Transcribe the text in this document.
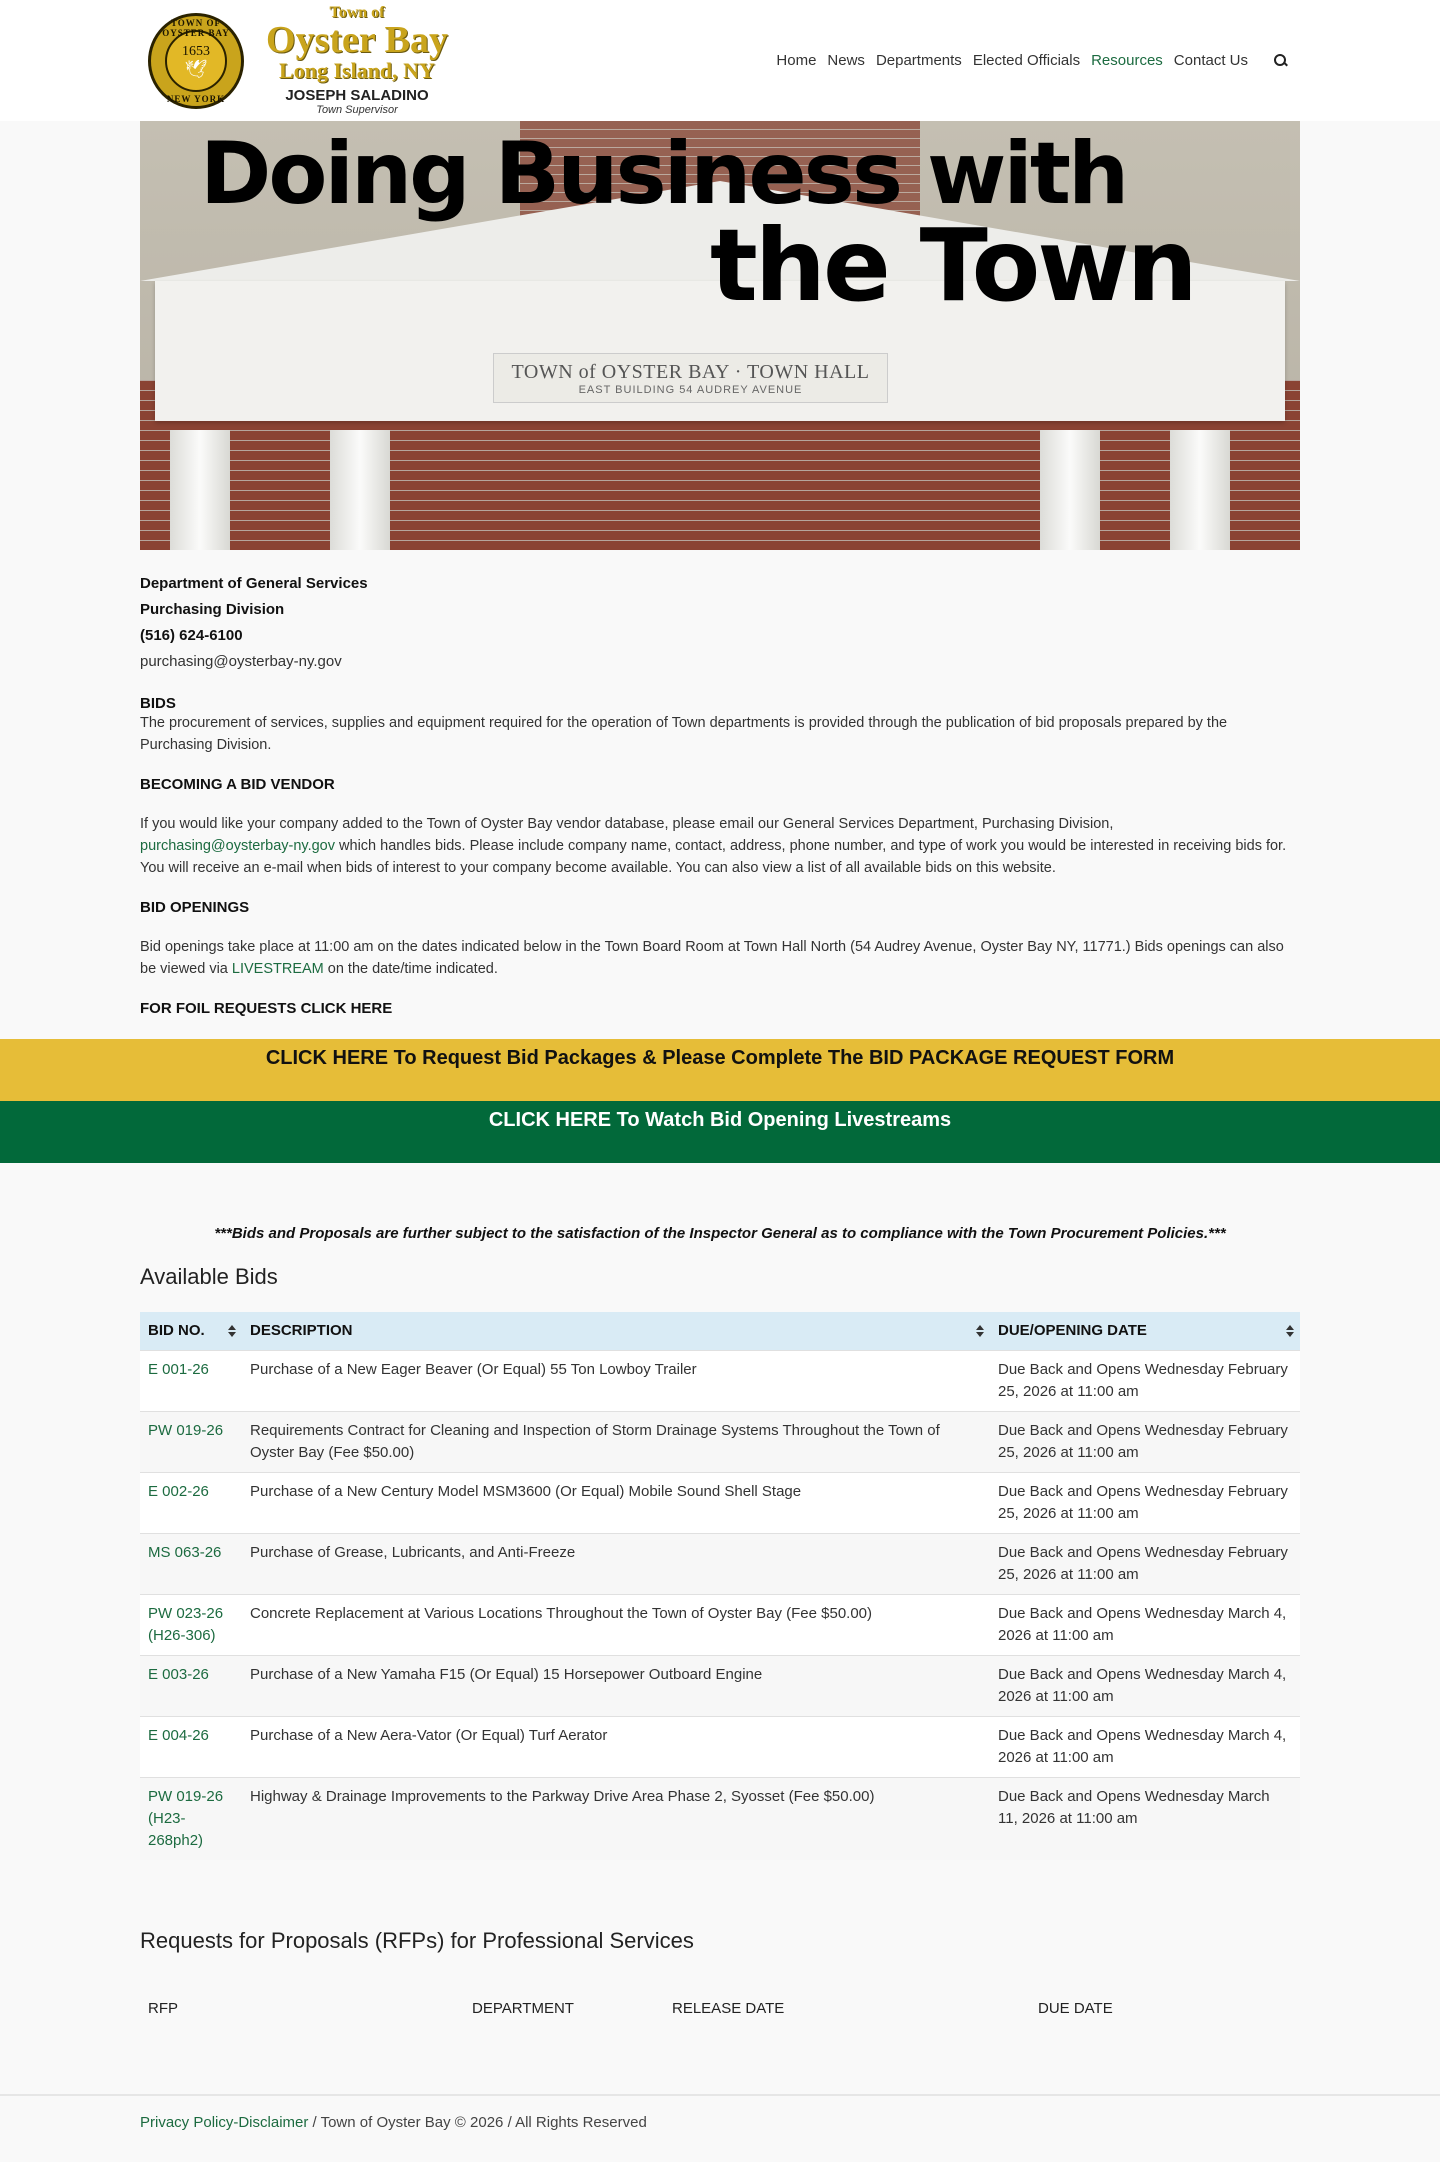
TOWN OF OYSTER BAY
1653
🕊
NEW YORK
Town of
Oyster Bay
Long Island, NY
JOSEPH SALADINO
Town Supervisor
Home News Departments Elected Officials Resources Contact Us
TOWN of OYSTER BAY · TOWN HALL
EAST BUILDING 54 AUDREY AVENUE
Doing Business with
the Town
Department of General Services
Purchasing Division
(516) 624-6100
purchasing@oysterbay-ny.gov
BIDS

The procurement of services, supplies and equipment required for the operation of Town departments is provided through the publication of bid proposals prepared by the Purchasing Division.

BECOMING A BID VENDOR

If you would like your company added to the Town of Oyster Bay vendor database, please email our General Services Department, Purchasing Division,
purchasing@oysterbay-ny.gov which handles bids. Please include company name, contact, address, phone number, and type of work you would be interested in receiving bids for. You will receive an e-mail when bids of interest to your company become available. You can also view a list of all available bids on this website.

BID OPENINGS

Bid openings take place at 11:00 am on the dates indicated below in the Town Board Room at Town Hall North (54 Audrey Avenue, Oyster Bay NY, 11771.) Bids openings can also be viewed via LIVESTREAM on the date/time indicated.

FOR FOIL REQUESTS CLICK HERE
CLICK HERE To Request Bid Packages & Please Complete The BID PACKAGE REQUEST FORM
CLICK HERE To Watch Bid Opening Livestreams

***Bids and Proposals are further subject to the satisfaction of the Inspector General as to compliance with the Town Procurement Policies.***

Available Bids
BID NO.	DESCRIPTION	DUE/OPENING DATE

E 001-26	Purchase of a New Eager Beaver (Or Equal) 55 Ton Lowboy Trailer	Due Back and Opens Wednesday February 25, 2026 at 11:00 am
PW 019-26	Requirements Contract for Cleaning and Inspection of Storm Drainage Systems Throughout the Town of Oyster Bay (Fee $50.00)	Due Back and Opens Wednesday February 25, 2026 at 11:00 am
E 002-26	Purchase of a New Century Model MSM3600 (Or Equal) Mobile Sound Shell Stage	Due Back and Opens Wednesday February 25, 2026 at 11:00 am
MS 063-26	Purchase of Grease, Lubricants, and Anti-Freeze	Due Back and Opens Wednesday February 25, 2026 at 11:00 am
PW 023-26 (H26-306)	Concrete Replacement at Various Locations Throughout the Town of Oyster Bay (Fee $50.00)	Due Back and Opens Wednesday March 4, 2026 at 11:00 am
E 003-26	Purchase of a New Yamaha F15 (Or Equal) 15 Horsepower Outboard Engine	Due Back and Opens Wednesday March 4, 2026 at 11:00 am
E 004-26	Purchase of a New Aera-Vator (Or Equal) Turf Aerator	Due Back and Opens Wednesday March 4, 2026 at 11:00 am
PW 019-26 (H23-268ph2)	Highway & Drainage Improvements to the Parkway Drive Area Phase 2, Syosset (Fee $50.00)	Due Back and Opens Wednesday March 11, 2026 at 11:00 am
Requests for Proposals (RFPs) for Professional Services
RFP	DEPARTMENT	RELEASE DATE	DUE DATE
Privacy Policy-Disclaimer / Town of Oyster Bay © 2026 / All Rights Reserved
